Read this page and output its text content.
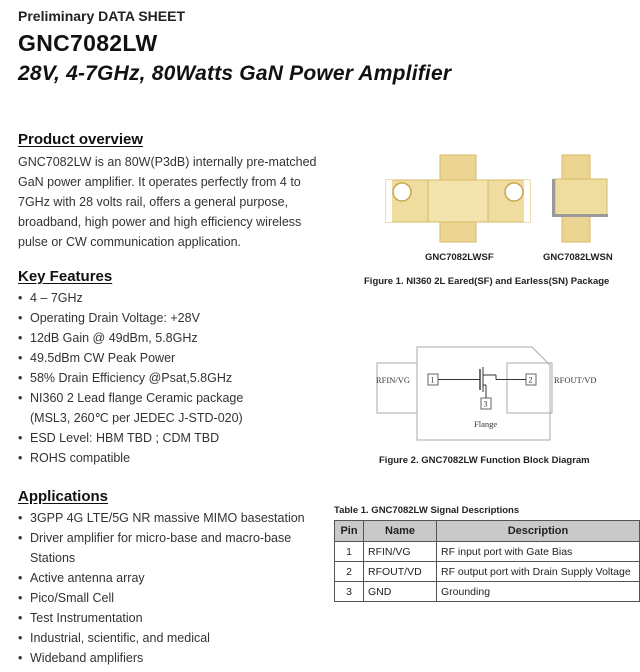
Preliminary DATA SHEET
GNC7082LW
28V, 4-7GHz, 80Watts GaN Power Amplifier
Product overview
GNC7082LW is an 80W(P3dB) internally pre-matched GaN power amplifier. It operates perfectly from 4 to 7GHz with 28 volts rail, offers a general purpose, broadband, high power and high efficiency wireless pulse or CW communication application.
GNC7082LWSF	GNC7082LWSN
Figure 1. NI360 2L Eared(SF) and Earless(SN) Package
Key Features
• 4 – 7GHz
• Operating Drain Voltage: +28V
• 12dB Gain @ 49dBm, 5.8GHz
• 49.5dBm CW Peak Power
• 58% Drain Efficiency @Psat,5.8GHz
• NI360 2 Lead flange Ceramic package
(MSL3, 260℃ per JEDEC J-STD-020)
• ESD Level: HBM TBD ; CDM TBD
• ROHS compatible
RFIN/VG	1	2
3
RFOUT/VD
Flange
Figure 2. GNC7082LW Function Block Diagram
Applications
• 3GPP 4G LTE/5G NR massive MIMO basestation
• Driver amplifier for micro-base and macro-base
Stations
• Active antenna array
• Pico/Small Cell
• Test Instrumentation
• Industrial, scientific, and medical
• Wideband amplifiers
Table 1. GNC7082LW Signal Descriptions
Pin	Name	Description
1	RFIN/VG	RF input port with Gate Bias
2	RFOUT/VD	RF output port with Drain Supply Voltage
3	GND	Grounding
